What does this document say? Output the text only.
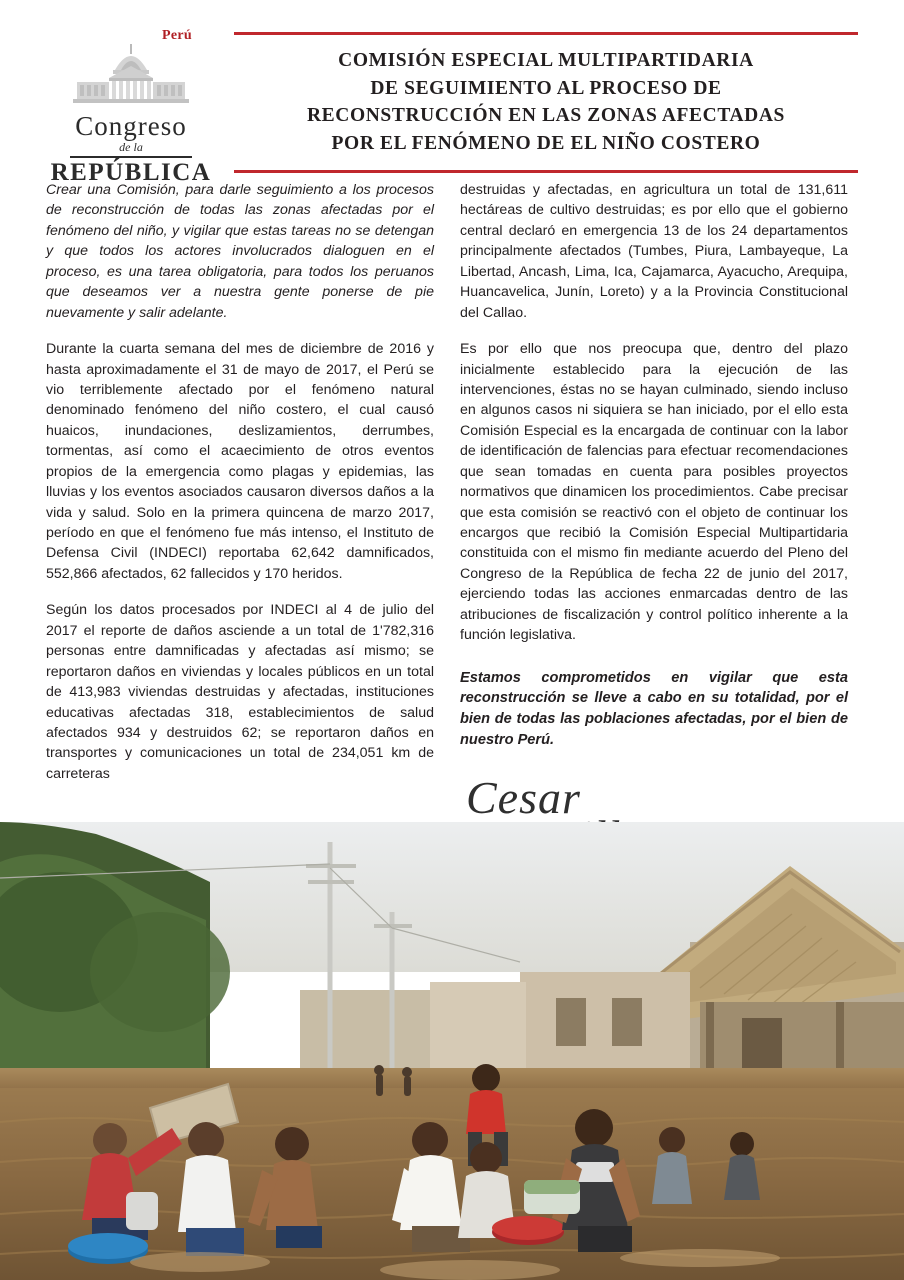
Perú
Congreso
de la
REPÚBLICA
COMISIÓN ESPECIAL MULTIPARTIDARIA
DE SEGUIMIENTO AL PROCESO DE
RECONSTRUCCIÓN EN LAS ZONAS AFECTADAS
POR EL FENÓMENO DE EL NIÑO COSTERO

Crear una Comisión, para darle seguimiento a los procesos de reconstrucción de todas las zonas afectadas por el fenómeno del niño, y vigilar que estas tareas no se detengan y que todos los actores involucrados dialoguen en el proceso, es una tarea obligatoria, para todos los peruanos que deseamos ver a nuestra gente ponerse de pie nuevamente y salir adelante.

Durante la cuarta semana del mes de diciembre de 2016 y hasta aproximadamente el 31 de mayo de 2017, el Perú se vio terriblemente afectado por el fenómeno natural denominado fenómeno del niño costero, el cual causó huaicos, inundaciones, deslizamientos, derrumbes, tormentas, así como el acaecimiento de otros eventos propios de la emergencia como plagas y epidemias, las lluvias y los eventos asociados causaron diversos daños a la vida y salud. Solo en la primera quincena de marzo 2017, período en que el fenómeno fue más intenso, el Instituto de Defensa Civil (INDECI) reportaba 62,642 damnificados, 552,866 afectados, 62 fallecidos y 170 heridos.

Según los datos procesados por INDECI al 4 de julio del 2017 el reporte de daños asciende a un total de 1'782,316 personas entre damnificadas y afectadas así mismo; se reportaron daños en viviendas y locales públicos en un total de 413,983 viviendas destruidas y afectadas, instituciones educativas afectadas 318, establecimientos de salud afectados 934 y destruidos 62; se reportaron daños en transportes y comunicaciones un total de 234,051 km de carreteras

destruidas y afectadas, en agricultura un total de 131,611 hectáreas de cultivo destruidas; es por ello que el gobierno central declaró en emergencia 13 de los 24 departamentos principalmente afectados (Tumbes, Piura, Lambayeque, La Libertad, Ancash, Lima, Ica, Cajamarca, Ayacucho, Arequipa, Huancavelica, Junín, Loreto) y a la Provincia Constitucional del Callao.

Es por ello que nos preocupa que, dentro del plazo inicialmente establecido para la ejecución de las intervenciones, éstas no se hayan culminado, siendo incluso en algunos casos ni siquiera se han iniciado, por el ello esta Comisión Especial es la encargada de continuar con la labor de identificación de falencias para efectuar recomendaciones que sean tomadas en cuenta para posibles proyectos normativos que dinamicen los procedimientos. Cabe precisar que esta comisión se reactivó con el objeto de continuar los encargos que recibió la Comisión Especial Multipartidaria constituida con el mismo fin mediante acuerdo del Pleno del Congreso de la República de fecha 22 de junio del 2017, ejerciendo todas las acciones enmarcadas dentro de las atribuciones de fiscalización y control político inherente a la función legislativa.

Estamos comprometidos en vigilar que esta reconstrucción se lleve a cabo en su totalidad, por el bien de todas las poblaciones afectadas, por el bien de nuestro Perú.

Cesar
